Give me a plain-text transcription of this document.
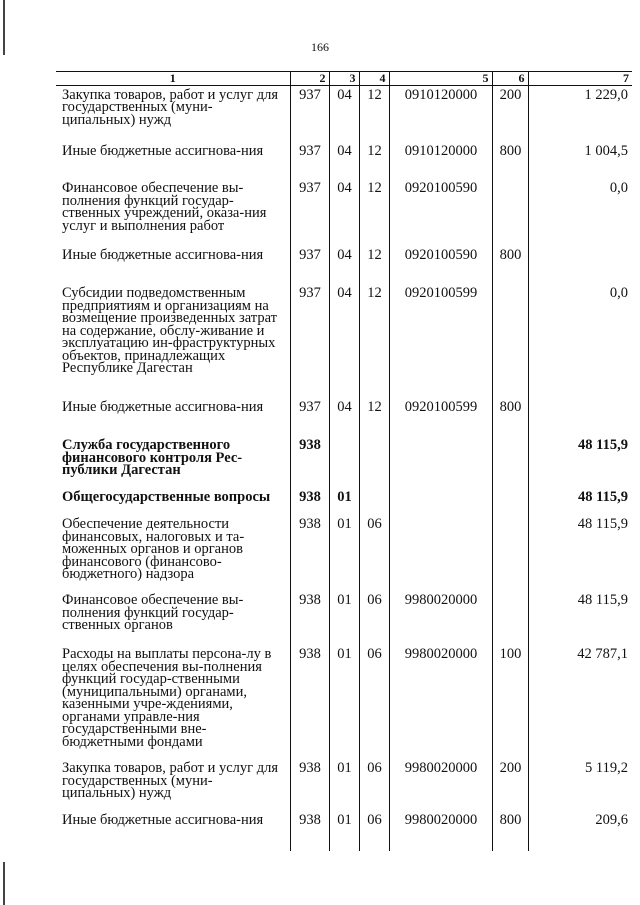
166
1	2	3	4	5	6	7
Закупка товаров, работ и услуг для государственных (муни-ципальных) нужд	937	04	12	0910120000	200	1 229,0
Иные бюджетные ассигнова-ния	937	04	12	0910120000	800	1 004,5
Финансовое обеспечение вы-полнения функций государ-ственных учреждений, оказа-ния услуг и выполнения работ	937	04	12	0920100590		0,0
Иные бюджетные ассигнова-ния	937	04	12	0920100590	800	
Субсидии подведомственным предприятиям и организациям на возмещение произведенных затрат на содержание, обслу-живание и эксплуатацию ин-фраструктурных объектов, принадлежащих Республике Дагестан	937	04	12	0920100599		0,0
Иные бюджетные ассигнова-ния	937	04	12	0920100599	800	
Служба государственного финансового контроля Рес-публики Дагестан	938					48 115,9
Общегосударственные вопросы	938	01				48 115,9
Обеспечение деятельности финансовых, налоговых и та-моженных органов и органов финансового (финансово-бюджетного) надзора	938	01	06			48 115,9
Финансовое обеспечение вы-полнения функций государ-ственных органов	938	01	06	9980020000		48 115,9
Расходы на выплаты персона-лу в целях обеспечения вы-полнения функций государ-ственными (муниципальными) органами, казенными учре-ждениями, органами управле-ния государственными вне-бюджетными фондами	938	01	06	9980020000	100	42 787,1
Закупка товаров, работ и услуг для государственных (муни-ципальных) нужд	938	01	06	9980020000	200	5 119,2
Иные бюджетные ассигнова-ния	938	01	06	9980020000	800	209,6
